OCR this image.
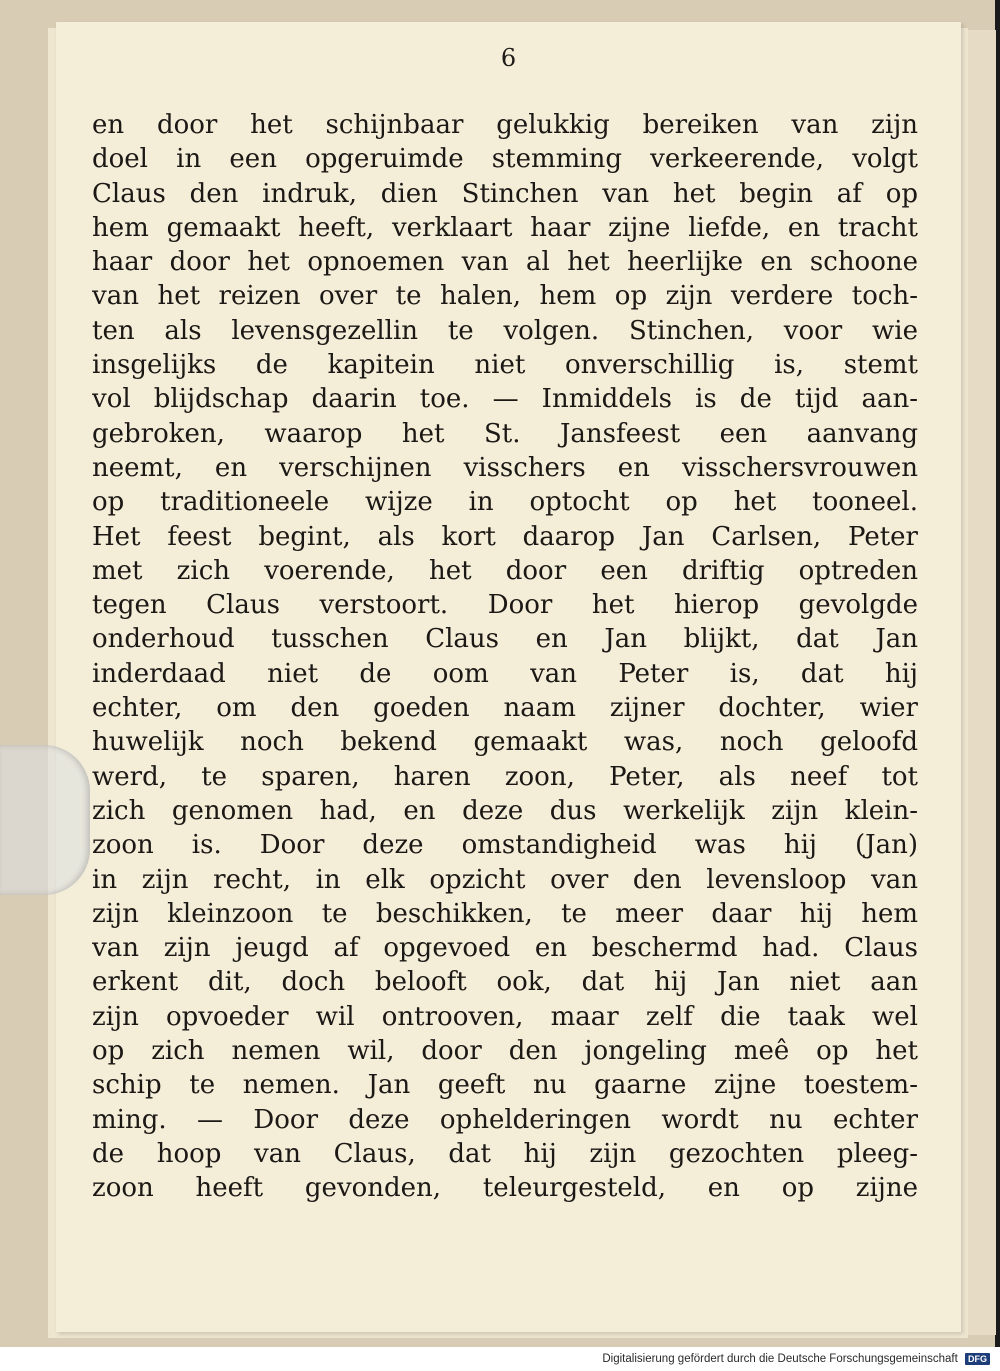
6
en door het schijnbaar gelukkig bereiken van zijn
doel in een opgeruimde stemming verkeerende, volgt
Claus den indruk, dien Stinchen van het begin af op
hem gemaakt heeft, verklaart haar zijne liefde, en tracht
haar door het opnoemen van al het heerlijke en schoone
van het reizen over te halen, hem op zijn verdere toch-
ten als levensgezellin te volgen. Stinchen, voor wie
insgelijks de kapitein niet onverschillig is, stemt
vol blijdschap daarin toe. — Inmiddels is de tijd aan-
gebroken, waarop het St. Jansfeest een aanvang
neemt, en verschijnen visschers en visschersvrouwen
op traditioneele wijze in optocht op het tooneel.
Het feest begint, als kort daarop Jan Carlsen, Peter
met zich voerende, het door een driftig optreden
tegen Claus verstoort. Door het hierop gevolgde
onderhoud tusschen Claus en Jan blijkt, dat Jan
inderdaad niet de oom van Peter is, dat hij
echter, om den goeden naam zijner dochter, wier
huwelijk noch bekend gemaakt was, noch geloofd
werd, te sparen, haren zoon, Peter, als neef tot
zich genomen had, en deze dus werkelijk zijn klein-
zoon is. Door deze omstandigheid was hij (Jan)
in zijn recht, in elk opzicht over den levensloop van
zijn kleinzoon te beschikken, te meer daar hij hem
van zijn jeugd af opgevoed en beschermd had. Claus
erkent dit, doch belooft ook, dat hij Jan niet aan
zijn opvoeder wil ontrooven, maar zelf die taak wel
op zich nemen wil, door den jongeling meê op het
schip te nemen. Jan geeft nu gaarne zijne toestem-
ming. — Door deze ophelderingen wordt nu echter
de hoop van Claus, dat hij zijn gezochten pleeg-
zoon heeft gevonden, teleurgesteld, en op zijne
Digitalisierung gefördert durch die Deutsche Forschungsgemeinschaft DFG
